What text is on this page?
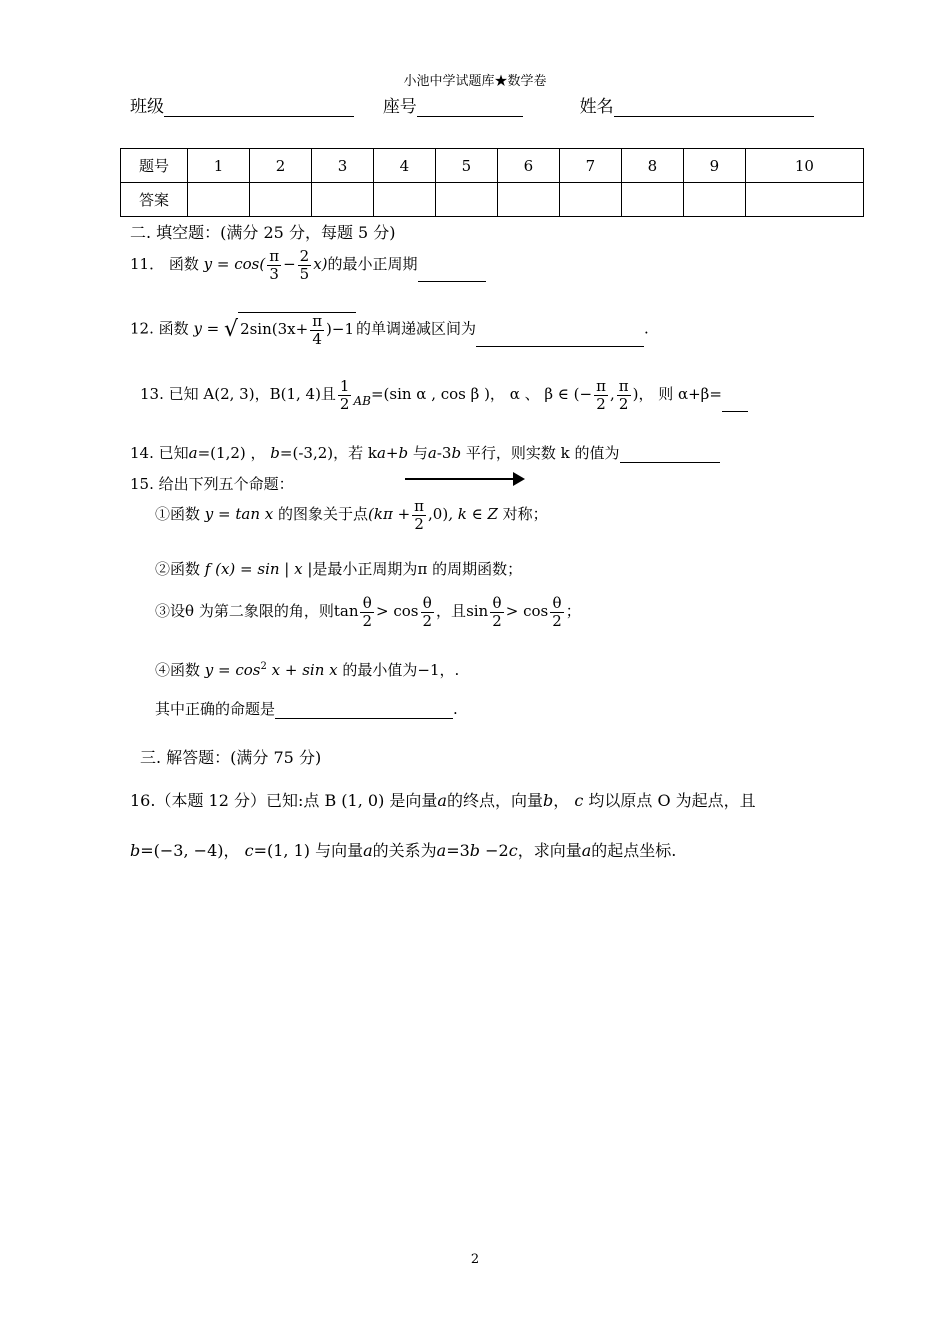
小池中学试题库★数学卷
班级	座号	姓名
题号	1	2	3	4	5	6	7	8	9	10
答案										
二. 填空题：(满分 25 分，每题 5 分)
11． 函数 $y = \cos( \frac{\pi}{3} - \frac{2}{5} x)$的最小正周期
12. 函数 y = √ $2\sin(3x+ \frac{\pi}{4} )-1$ 的单调递减区间为	.
13. 已知 A(2, 3)，B(1, 4)且 $\frac{1}{2} _{AB}=(\sin$ α , cos β )， α 、 β ∈ (− $\frac{\pi}{2}$ , $\frac{\pi}{2}$ )， 则 α+β=
14. 已知a=(1,2) ， b=(-3,2)，若 ka+b 与a-3b 平行，则实数 k 的值为
15. 给出下列五个命题：
①函数 y = tan x 的图象关于点$(k\pi + \frac{\pi}{2} ,0)$, k ∈ Z 对称；
②函数 f (x) = sin | x |是最小正周期为π 的周期函数；
③设θ 为第二象限的角，则$\tan \frac{\theta}{2} > \cos \frac{\theta}{2}$ ，且$\sin \frac{\theta}{2} > \cos \frac{\theta}{2}$ ；
④函数 $y = \cos^2 x + \sin x$ 的最小值为−1，.
其中正确的命题是	.
三. 解答题：(满分 75 分)
16.（本题 12 分）已知:点 B (1, 0) 是向量a的终点，向量b， c 均以原点 O 为起点，且
b=(−3, −4)， c=(1, 1) 与向量a的关系为a=3b −2c，求向量a的起点坐标.
2
